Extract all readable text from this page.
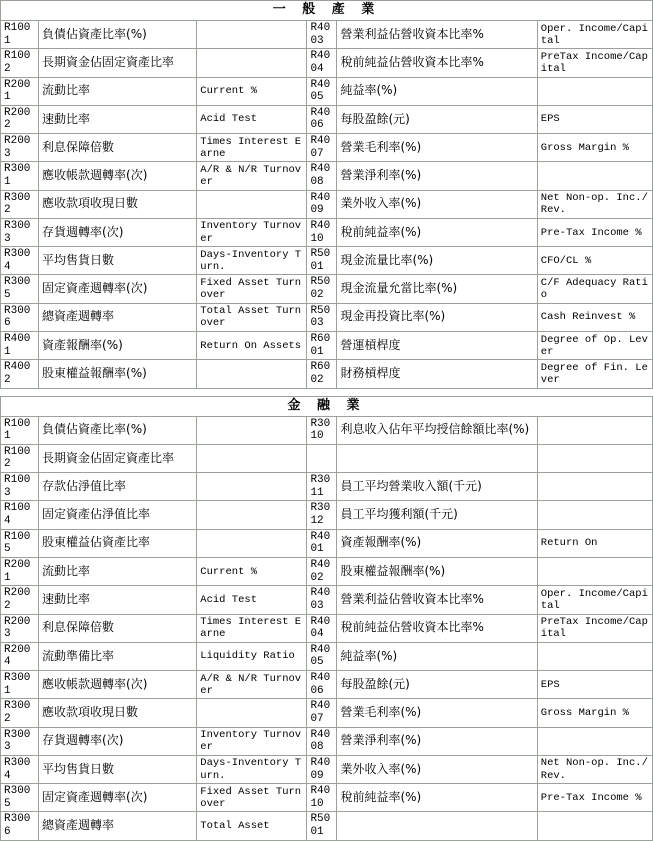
一 般 產 業					
R1001	負債佔資產比率(%)		R4003	營業利益佔營收資本比率%	Oper. Income/Capital
R1002	長期資金佔固定資產比率		R4004	稅前純益佔營收資本比率%	PreTax Income/Capital
R2001	流動比率	Current %	R4005	純益率(%)	
R2002	速動比率	Acid Test	R4006	每股盈餘(元)	EPS
R2003	利息保障倍數	Times Interest Earne	R4007	營業毛利率(%)	Gross Margin %
R3001	應收帳款週轉率(次)	A/R & N/R Turnover	R4008	營業淨利率(%)	
R3002	應收款項收現日數		R4009	業外收入率(%)	Net Non-op. Inc./Rev.
R3003	存貨週轉率(次)	Inventory Turnover	R4010	稅前純益率(%)	Pre-Tax Income %
R3004	平均售貨日數	Days-Inventory Turn.	R5001	現金流量比率(%)	CFO/CL %
R3005	固定資產週轉率(次)	Fixed Asset Turnover	R5002	現金流量允當比率(%)	C/F Adequacy Ratio
R3006	總資產週轉率	Total Asset Turnover	R5003	現金再投資比率(%)	Cash Reinvest %
R4001	資產報酬率(%)	Return On Assets	R6001	營運槓桿度	Degree of Op. Lever
R4002	股東權益報酬率(%)		R6002	財務槓桿度	Degree of Fin. Lever

金 融 業					
R1001	負債佔資產比率(%)		R3010	利息收入佔年平均授信餘額比率(%)	
R1002	長期資金佔固定資產比率				
R1003	存款佔淨值比率		R3011	員工平均營業收入額(千元)	
R1004	固定資產佔淨值比率		R3012	員工平均獲利額(千元)	
R1005	股東權益佔資產比率		R4001	資產報酬率(%)	Return On
R2001	流動比率	Current %	R4002	股東權益報酬率(%)	
R2002	速動比率	Acid Test	R4003	營業利益佔營收資本比率%	Oper. Income/Capital
R2003	利息保障倍數	Times Interest Earne	R4004	稅前純益佔營收資本比率%	PreTax Income/Capital
R2004	流動準備比率	Liquidity Ratio	R4005	純益率(%)	
R3001	應收帳款週轉率(次)	A/R & N/R Turnover	R4006	每股盈餘(元)	EPS
R3002	應收款項收現日數		R4007	營業毛利率(%)	Gross Margin %
R3003	存貨週轉率(次)	Inventory Turnover	R4008	營業淨利率(%)	
R3004	平均售貨日數	Days-Inventory Turn.	R4009	業外收入率(%)	Net Non-op. Inc./Rev.
R3005	固定資產週轉率(次)	Fixed Asset Turnover	R4010	稅前純益率(%)	Pre-Tax Income %
R3006	總資產週轉率	Total Asset	R5001		
